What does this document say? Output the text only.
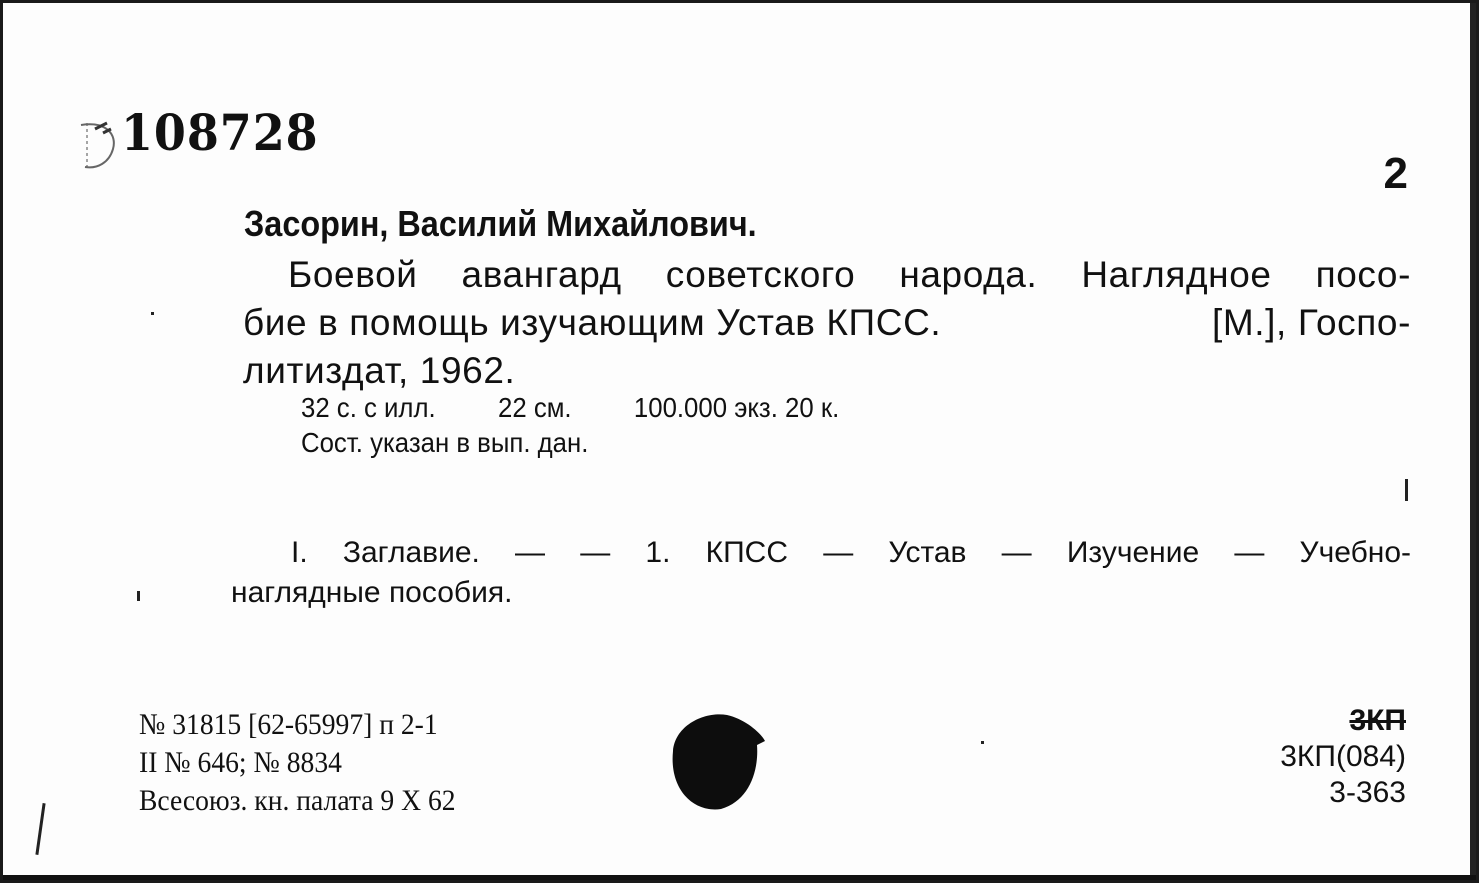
108728
2
Засорин, Василий Михайлович.
Боевой авангард советского народа. Наглядное посо-
бие в помощь изучающим Устав КПСС.	[М.], Госпо-
литиздат, 1962.
32 с. с илл. 22 см. 100.000 экз. 20 к.
Сост. указан в вып. дан.
I. Заглавие. — — 1. КПСС — Устав — Изучение — Учебно-
наглядные пособия.
№ 31815 [62-65997] п 2-1
II № 646; № 8834
Всесоюз. кн. палата 9 X 62
3КП
3КП(084)
3-363
